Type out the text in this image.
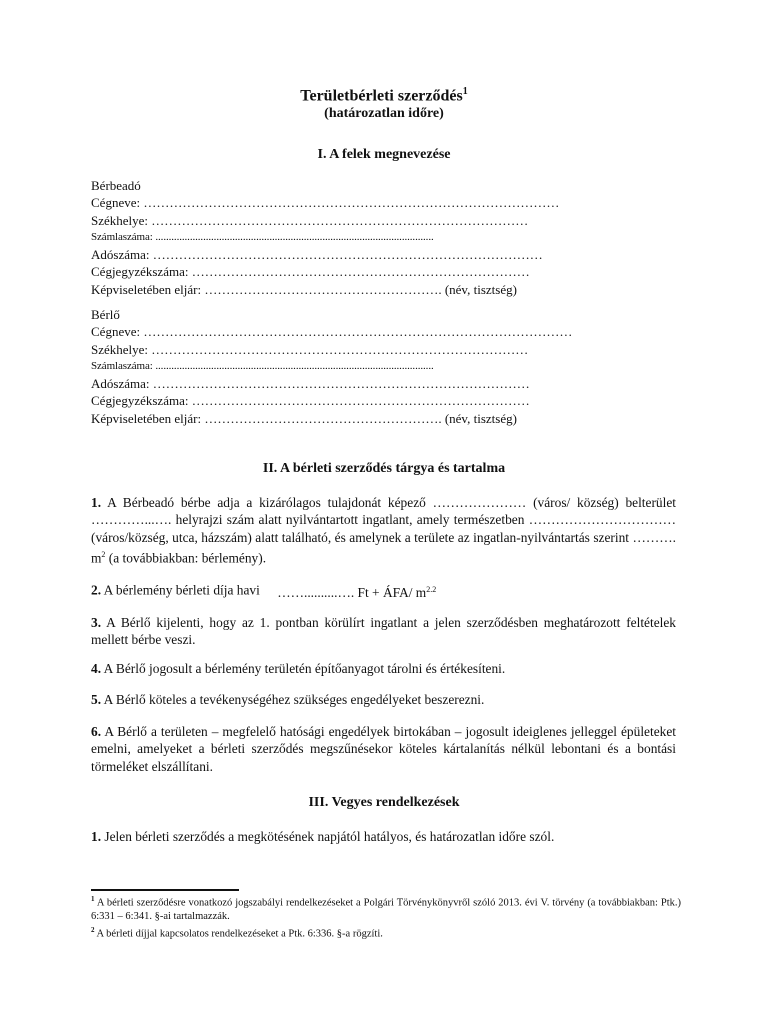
Területbérleti szerződés$^1$
(határozatlan időre)
I. A felek megnevezése
Bérbeadó
Cégneve: ……………………………………………………………………………………
Székhelye: ……………………………………………………………………………
Számlaszáma: .........................................................................................................
Adószáma: ………………………………………………………………………………
Cégjegyzékszáma: ……………………………………………………………………
Képviseletében eljár: ………………………………………………. (név, tisztség)
Bérlő
Cégneve: ………………………………………………………………………………………
Székhelye: ……………………………………………………………………………
Számlaszáma: .........................................................................................................
Adószáma: ……………………………………………………………………………
Cégjegyzékszáma: ……………………………………………………………………
Képviseletében eljár: ………………………………………………. (név, tisztség)
II. A bérleti szerződés tárgya és tartalma
1. A Bérbeadó bérbe adja a kizárólagos tulajdonát képező ………………… (város/ község) belterület …………...…. helyrajzi szám alatt nyilvántartott ingatlant, amely természetben …………………………… (város/község, utca, házszám) alatt található, és amelynek a területe az ingatlan-nyilvántartás szerint ………. $m^2$ (a továbbiakban: bérlemény).
2. A bérlemény bérleti díja havi ……..........…. Ft + ÁFA/ $m^{2.2}$
3. A Bérlő kijelenti, hogy az 1. pontban körülírt ingatlant a jelen szerződésben meghatározott feltételek mellett bérbe veszi.
4. A Bérlő jogosult a bérlemény területén építőanyagot tárolni és értékesíteni.
5. A Bérlő köteles a tevékenységéhez szükséges engedélyeket beszerezni.
6. A Bérlő a területen – megfelelő hatósági engedélyek birtokában – jogosult ideiglenes jelleggel épületeket emelni, amelyeket a bérleti szerződés megszűnésekor köteles kártalanítás nélkül lebontani és a bontási törmeléket elszállítani.
III. Vegyes rendelkezések
1. Jelen bérleti szerződés a megkötésének napjától hatályos, és határozatlan időre szól.
$^1$ A bérleti szerződésre vonatkozó jogszabályi rendelkezéseket a Polgári Törvénykönyvről szóló 2013. évi V. törvény (a továbbiakban: Ptk.) 6:331 – 6:341. §-ai tartalmazzák.
$^2$ A bérleti díjjal kapcsolatos rendelkezéseket a Ptk. 6:336. §-a rögzíti.
